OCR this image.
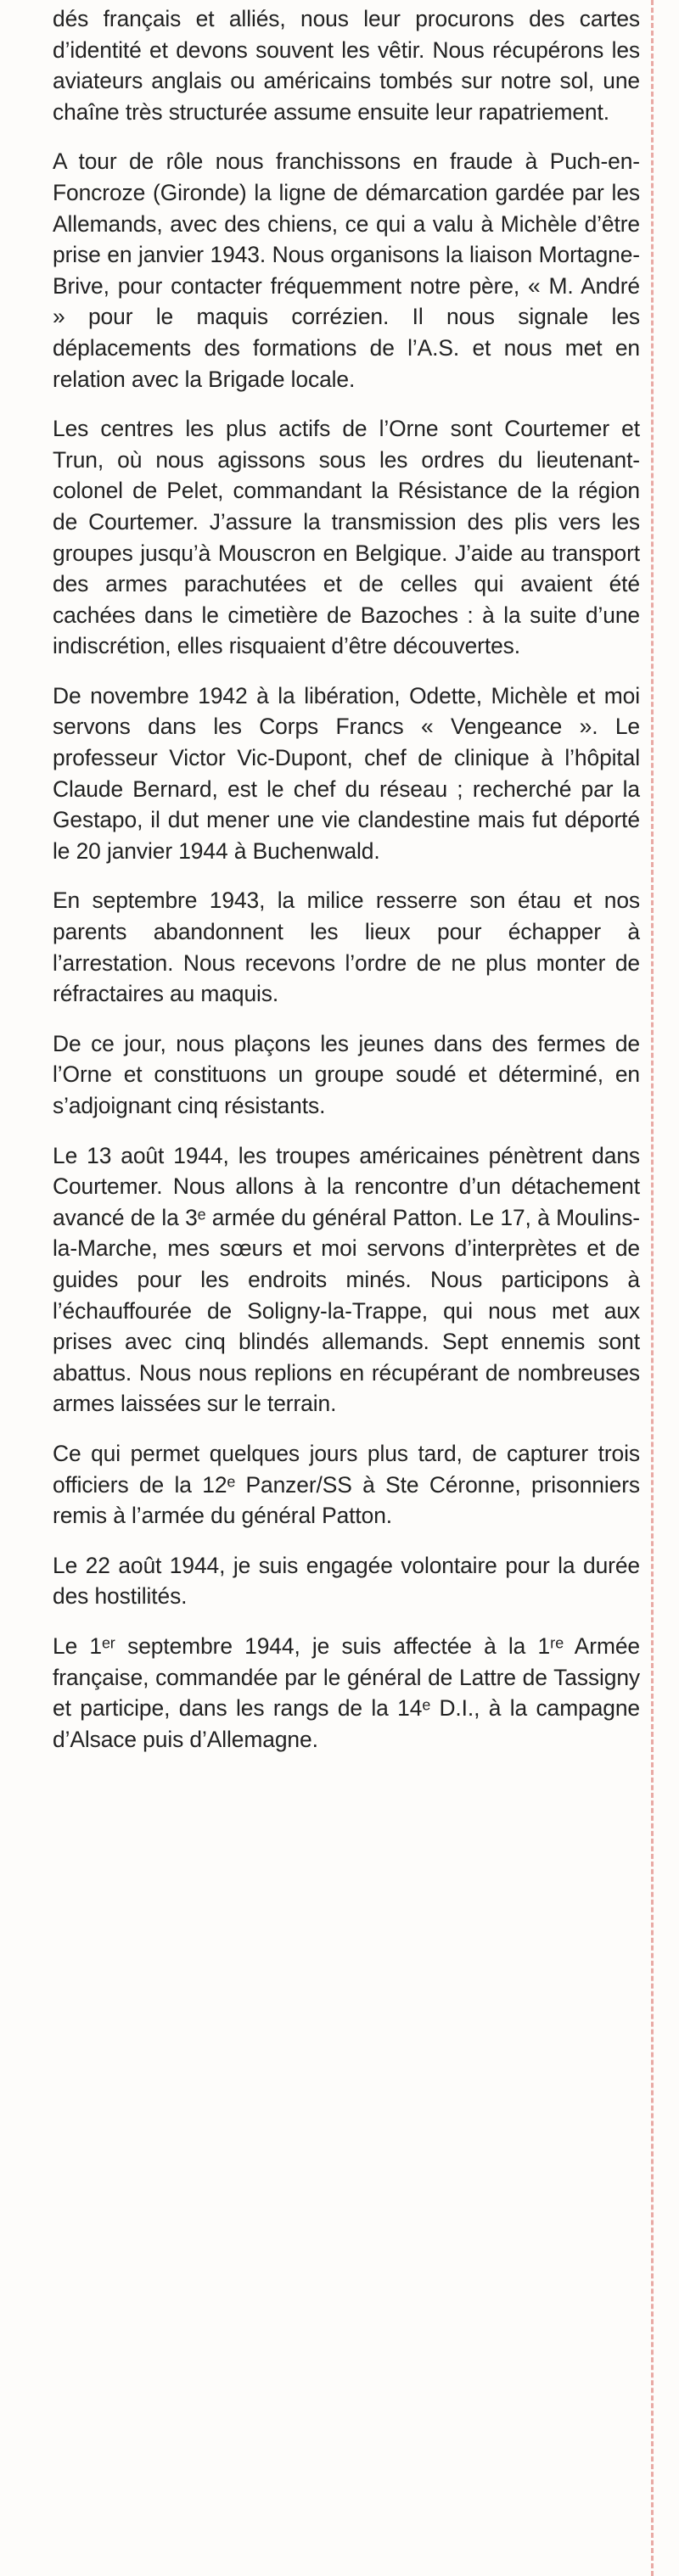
dés français et alliés, nous leur procurons des cartes d’identité et devons souvent les vêtir. Nous récupérons les aviateurs anglais ou américains tombés sur notre sol, une chaîne très structurée assume ensuite leur rapatriement.

A tour de rôle nous franchissons en fraude à Puch-en-Foncroze (Gironde) la ligne de démarcation gardée par les Allemands, avec des chiens, ce qui a valu à Michèle d’être prise en janvier 1943. Nous organisons la liaison Mortagne-Brive, pour contacter fréquemment notre père, « M. André » pour le maquis corrézien. Il nous signale les déplacements des formations de l’A.S. et nous met en relation avec la Brigade locale.

Les centres les plus actifs de l’Orne sont Courtemer et Trun, où nous agissons sous les ordres du lieutenant-colonel de Pelet, commandant la Résistance de la région de Courtemer. J’assure la transmission des plis vers les groupes jusqu’à Mouscron en Belgique. J’aide au transport des armes parachutées et de celles qui avaient été cachées dans le cimetière de Bazoches : à la suite d’une indiscrétion, elles risquaient d’être découvertes.

De novembre 1942 à la libération, Odette, Michèle et moi servons dans les Corps Francs « Vengeance ». Le professeur Victor Vic-Dupont, chef de clinique à l’hôpital Claude Bernard, est le chef du réseau ; recherché par la Gestapo, il dut mener une vie clandestine mais fut déporté le 20 janvier 1944 à Buchenwald.

En septembre 1943, la milice resserre son étau et nos parents abandonnent les lieux pour échapper à l’arrestation. Nous recevons l’ordre de ne plus monter de réfractaires au maquis.

De ce jour, nous plaçons les jeunes dans des fermes de l’Orne et constituons un groupe soudé et déterminé, en s’adjoignant cinq résistants.

Le 13 août 1944, les troupes américaines pénètrent dans Courtemer. Nous allons à la rencontre d’un détachement avancé de la 3ᵉ armée du général Patton. Le 17, à Moulins-la-Marche, mes sœurs et moi servons d’interprètes et de guides pour les endroits minés. Nous participons à l’échauffourée de Soligny-la-Trappe, qui nous met aux prises avec cinq blindés allemands. Sept ennemis sont abattus. Nous nous replions en récupérant de nombreuses armes laissées sur le terrain.

Ce qui permet quelques jours plus tard, de capturer trois officiers de la 12ᵉ Panzer/SS à Ste Céronne, prisonniers remis à l’armée du général Patton.

Le 22 août 1944, je suis engagée volontaire pour la durée des hostilités.

Le 1ᵉʳ septembre 1944, je suis affectée à la 1ʳᵉ Armée française, commandée par le général de Lattre de Tassigny et participe, dans les rangs de la 14ᵉ D.I., à la campagne d’Alsace puis d’Allemagne.
